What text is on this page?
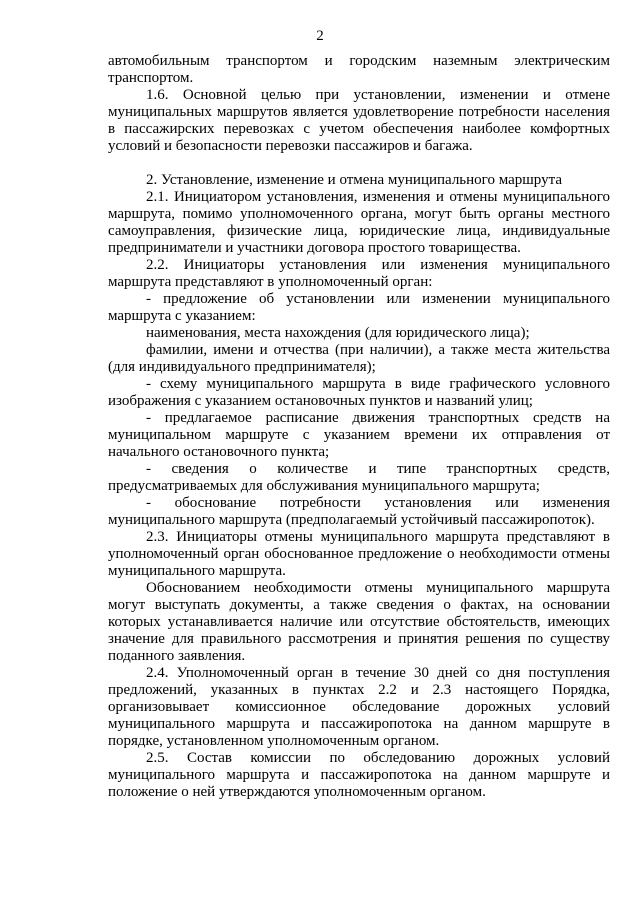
2

автомобильным транспортом и городским наземным электрическим транспортом.

1.6. Основной целью при установлении, изменении и отмене муниципальных маршрутов является удовлетворение потребности населения в пассажирских перевозках с учетом обеспечения наиболее комфортных условий и безопасности перевозки пассажиров и багажа.

2. Установление, изменение и отмена муниципального маршрута

2.1. Инициатором установления, изменения и отмены муниципального маршрута, помимо уполномоченного органа, могут быть органы местного самоуправления, физические лица, юридические лица, индивидуальные предприниматели и участники договора простого товарищества.

2.2. Инициаторы установления или изменения муниципального маршрута представляют в уполномоченный орган:

- предложение об установлении или изменении муниципального маршрута с указанием:

наименования, места нахождения (для юридического лица);

фамилии, имени и отчества (при наличии), а также места жительства (для индивидуального предпринимателя);

- схему муниципального маршрута в виде графического условного изображения с указанием остановочных пунктов и названий улиц;

- предлагаемое расписание движения транспортных средств на муниципальном маршруте с указанием времени их отправления от начального остановочного пункта;

- сведения о количестве и типе транспортных средств, предусматриваемых для обслуживания муниципального маршрута;

- обоснование потребности установления или изменения муниципального маршрута (предполагаемый устойчивый пассажиропоток).

2.3. Инициаторы отмены муниципального маршрута представляют в уполномоченный орган обоснованное предложение о необходимости отмены муниципального маршрута.

Обоснованием необходимости отмены муниципального маршрута могут выступать документы, а также сведения о фактах, на основании которых устанавливается наличие или отсутствие обстоятельств, имеющих значение для правильного рассмотрения и принятия решения по существу поданного заявления.

2.4. Уполномоченный орган в течение 30 дней со дня поступления предложений, указанных в пунктах 2.2 и 2.3 настоящего Порядка, организовывает комиссионное обследование дорожных условий муниципального маршрута и пассажиропотока на данном маршруте в порядке, установленном уполномоченным органом.

2.5. Состав комиссии по обследованию дорожных условий муниципального маршрута и пассажиропотока на данном маршруте и положение о ней утверждаются уполномоченным органом.
